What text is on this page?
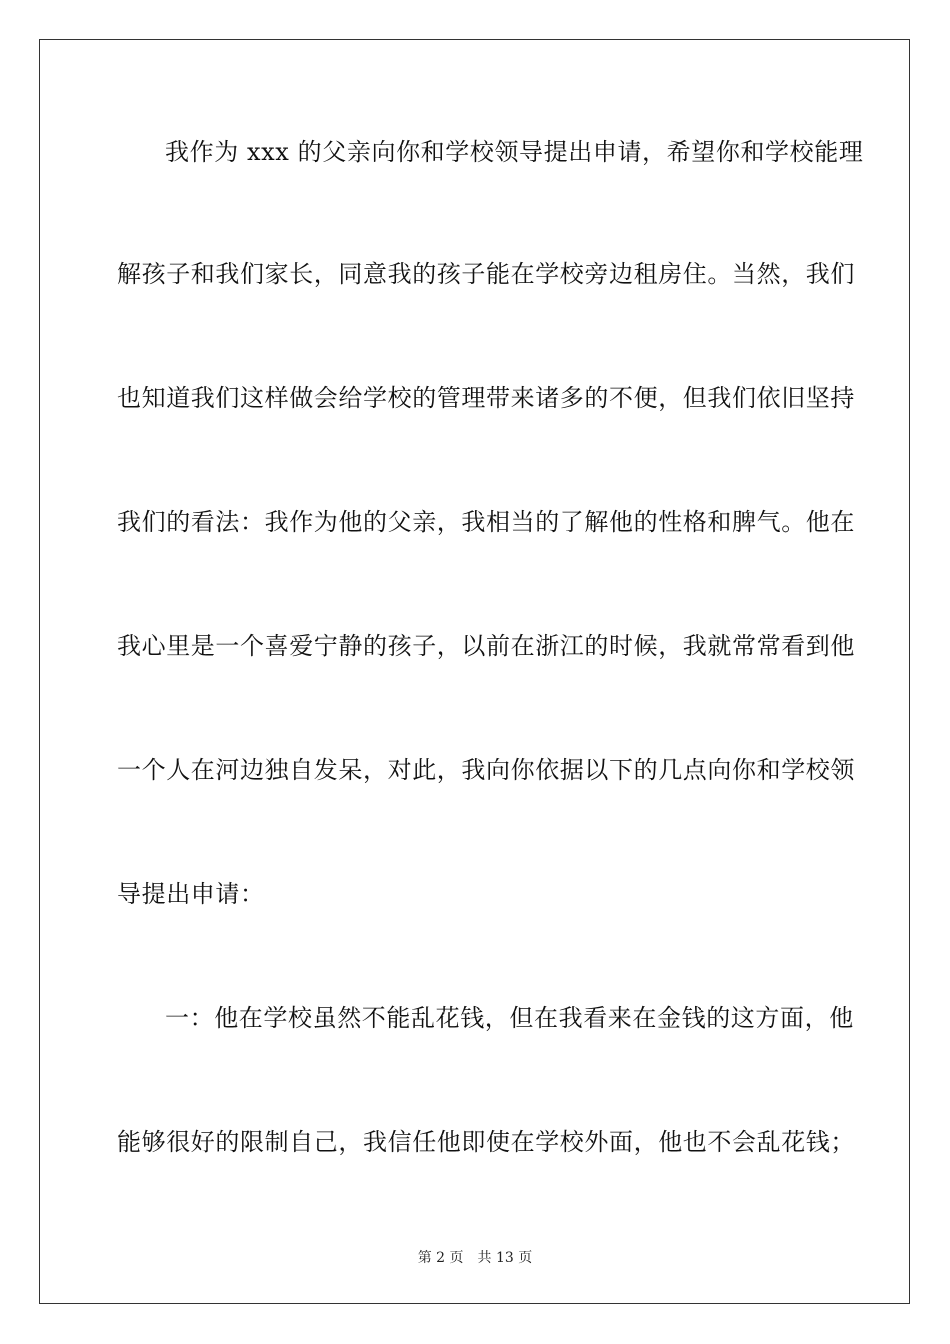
我作为 xxx 的父亲向你和学校领导提出申请，希望你和学校能理
解孩子和我们家长，同意我的孩子能在学校旁边租房住。当然，我们
也知道我们这样做会给学校的管理带来诸多的不便，但我们依旧坚持
我们的看法：我作为他的父亲，我相当的了解他的性格和脾气。他在
我心里是一个喜爱宁静的孩子，以前在浙江的时候，我就常常看到他
一个人在河边独自发呆，对此，我向你依据以下的几点向你和学校领
导提出申请：
一：他在学校虽然不能乱花钱，但在我看来在金钱的这方面，他
能够很好的限制自己，我信任他即使在学校外面，他也不会乱花钱；
第 2 页　共 13 页
